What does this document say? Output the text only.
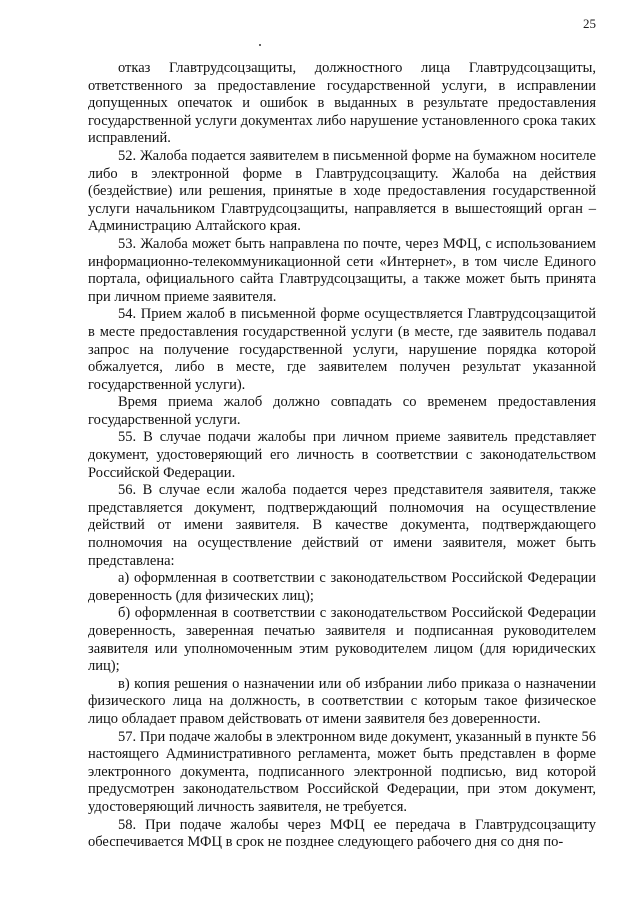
25

отказ Главтрудсоцзащиты, должностного лица Главтрудсоцзащиты, ответственного за предоставление государственной услуги, в исправлении допущенных опечаток и ошибок в выданных в результате предоставления государственной услуги документах либо нарушение установленного срока таких исправлений.

52. Жалоба подается заявителем в письменной форме на бумажном носителе либо в электронной форме в Главтрудсоцзащиту. Жалоба на действия (бездействие) или решения, принятые в ходе предоставления государственной услуги начальником Главтрудсоцзащиты, направляется в вышестоящий орган – Администрацию Алтайского края.

53. Жалоба может быть направлена по почте, через МФЦ, с использованием информационно-телекоммуникационной сети «Интернет», в том числе Единого портала, официального сайта Главтрудсоцзащиты, а также может быть принята при личном приеме заявителя.

54. Прием жалоб в письменной форме осуществляется Главтрудсоцзащитой в месте предоставления государственной услуги (в месте, где заявитель подавал запрос на получение государственной услуги, нарушение порядка которой обжалуется, либо в месте, где заявителем получен результат указанной государственной услуги).

Время приема жалоб должно совпадать со временем предоставления государственной услуги.

55. В случае подачи жалобы при личном приеме заявитель представляет документ, удостоверяющий его личность в соответствии с законодательством Российской Федерации.

56. В случае если жалоба подается через представителя заявителя, также представляется документ, подтверждающий полномочия на осуществление действий от имени заявителя. В качестве документа, подтверждающего полномочия на осуществление действий от имени заявителя, может быть представлена:

а) оформленная в соответствии с законодательством Российской Федерации доверенность (для физических лиц);

б) оформленная в соответствии с законодательством Российской Федерации доверенность, заверенная печатью заявителя и подписанная руководителем заявителя или уполномоченным этим руководителем лицом (для юридических лиц);

в) копия решения о назначении или об избрании либо приказа о назначении физического лица на должность, в соответствии с которым такое физическое лицо обладает правом действовать от имени заявителя без доверенности.

57. При подаче жалобы в электронном виде документ, указанный в пункте 56 настоящего Административного регламента, может быть представлен в форме электронного документа, подписанного электронной подписью, вид которой предусмотрен законодательством Российской Федерации, при этом документ, удостоверяющий личность заявителя, не требуется.

58. При подаче жалобы через МФЦ ее передача в Главтрудсоцзащиту обеспечивается МФЦ в срок не позднее следующего рабочего дня со дня по-
